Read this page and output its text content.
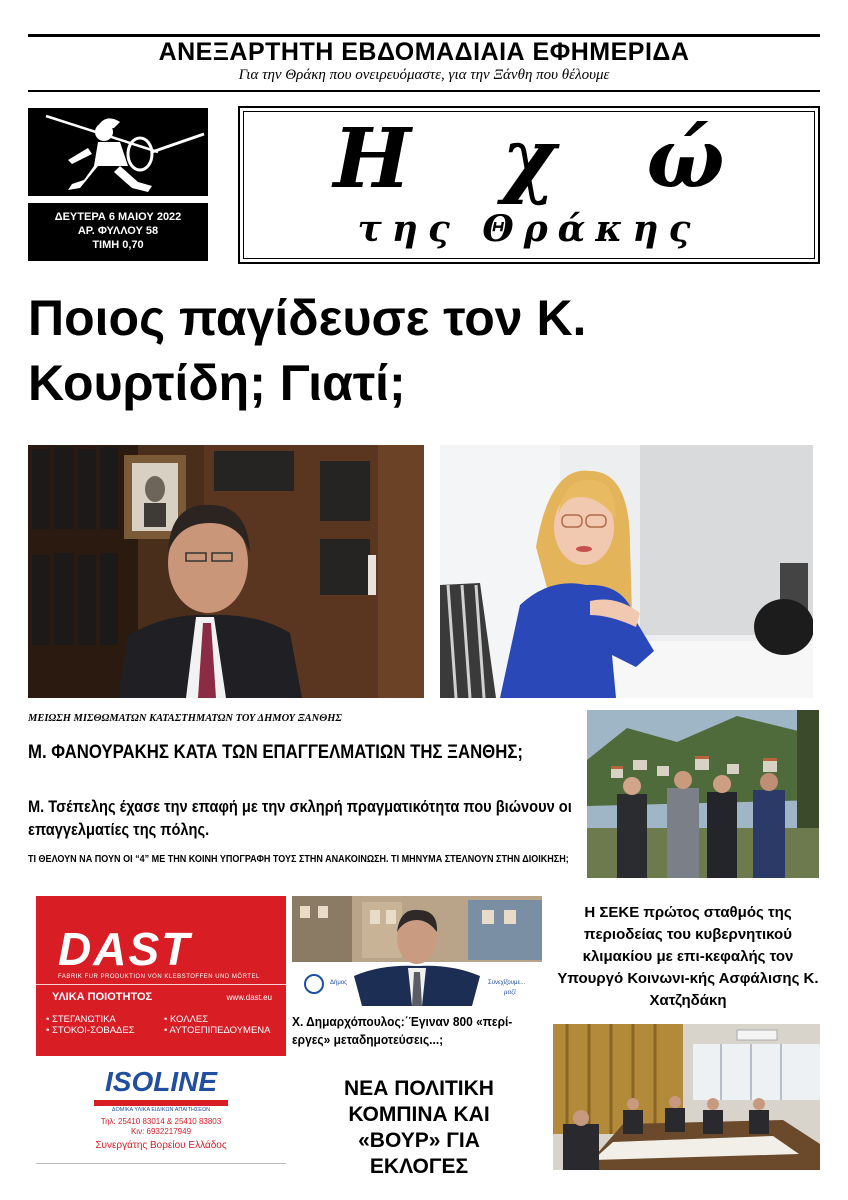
ΑΝΕΞΑΡΤΗΤΗ ΕΒΔΟΜΑΔΙΑΙΑ ΕΦΗΜΕΡΙΔΑ
Για την Θράκη που ονειρευόμαστε, για την Ξάνθη που θέλουμε
ΔΕΥΤΕΡΑ 6 ΜΑΙΟΥ 2022
ΑΡ. ΦΥΛΛΟΥ 58
ΤΙΜΗ 0,70
Η χ ώ
της Θράκης
Ποιος παγίδευσε τον Κ.
Κουρτίδη; Γιατί;
ΜΕΙΩΣΗ ΜΙΣΘΩΜΑΤΩΝ ΚΑΤΑΣΤΗΜΑΤΩΝ ΤΟΥ ΔΗΜΟΥ ΞΑΝΘΗΣ
Μ. ΦΑΝΟΥΡΑΚΗΣ ΚΑΤΑ ΤΩΝ ΕΠΑΓΓΕΛΜΑΤΙΩΝ ΤΗΣ ΞΑΝΘΗΣ;
Μ. Τσέπελης έχασε την επαφή με την σκληρή πραγματικότητα που βιώνουν οι επαγγελματίες της πόλης.
ΤΙ ΘΕΛΟΥΝ ΝΑ ΠΟΥΝ ΟΙ “4” ΜΕ ΤΗΝ ΚΟΙΝΗ ΥΠΟΓΡΑΦΗ ΤΟΥΣ ΣΤΗΝ ΑΝΑΚΟΙΝΩΣΗ. ΤΙ ΜΗΝΥΜΑ ΣΤΕΛΝΟΥΝ ΣΤΗΝ ΔΙΟΙΚΗΣΗ;
DAST
FABRIK FUR PRODUKTION VON KLEBSTOFFEN UND MÖRTEL
ΥΛΙΚΑ ΠΟΙΟΤΗΤΟΣ	www.dast.eu
• ΣΤΕΓΑΝΩΤΙΚΑ	• ΚΟΛΛΕΣ
• ΣΤΟΚΟΙ-ΣΟΒΑΔΕΣ	• ΑΥΤΟΕΠΙΠΕΔΟΥΜΕΝΑ
ISOLINE
ΔΟΜΙΚΑ ΥΛΙΚΑ ΕΙΔΙΚΩΝ ΑΠΑΙΤΗΣΕΩΝ
Τηλ: 25410 83014 & 25410 83803
Κιν: 6932217949
Συνεργάτης Βορείου Ελλάδος
Δήμος	Συνεχίζουμε...
μαζί
Χ. Δημαρχόπουλος:΄Έγιναν 800 «περί-εργες» μεταδημοτεύσεις...;
ΝΕΑ ΠΟΛΙΤΙΚΗ ΚΟΜΠΙΝΑ ΚΑΙ «ΒΟΥΡ» ΓΙΑ ΕΚΛΟΓΕΣ
Η ΣΕΚΕ πρώτος σταθμός της περιοδείας του κυβερνητικού κλιμακίου με επι-κεφαλής τον Υπουργό Κοινωνι-κής Ασφάλισης Κ. Χατζηδάκη
